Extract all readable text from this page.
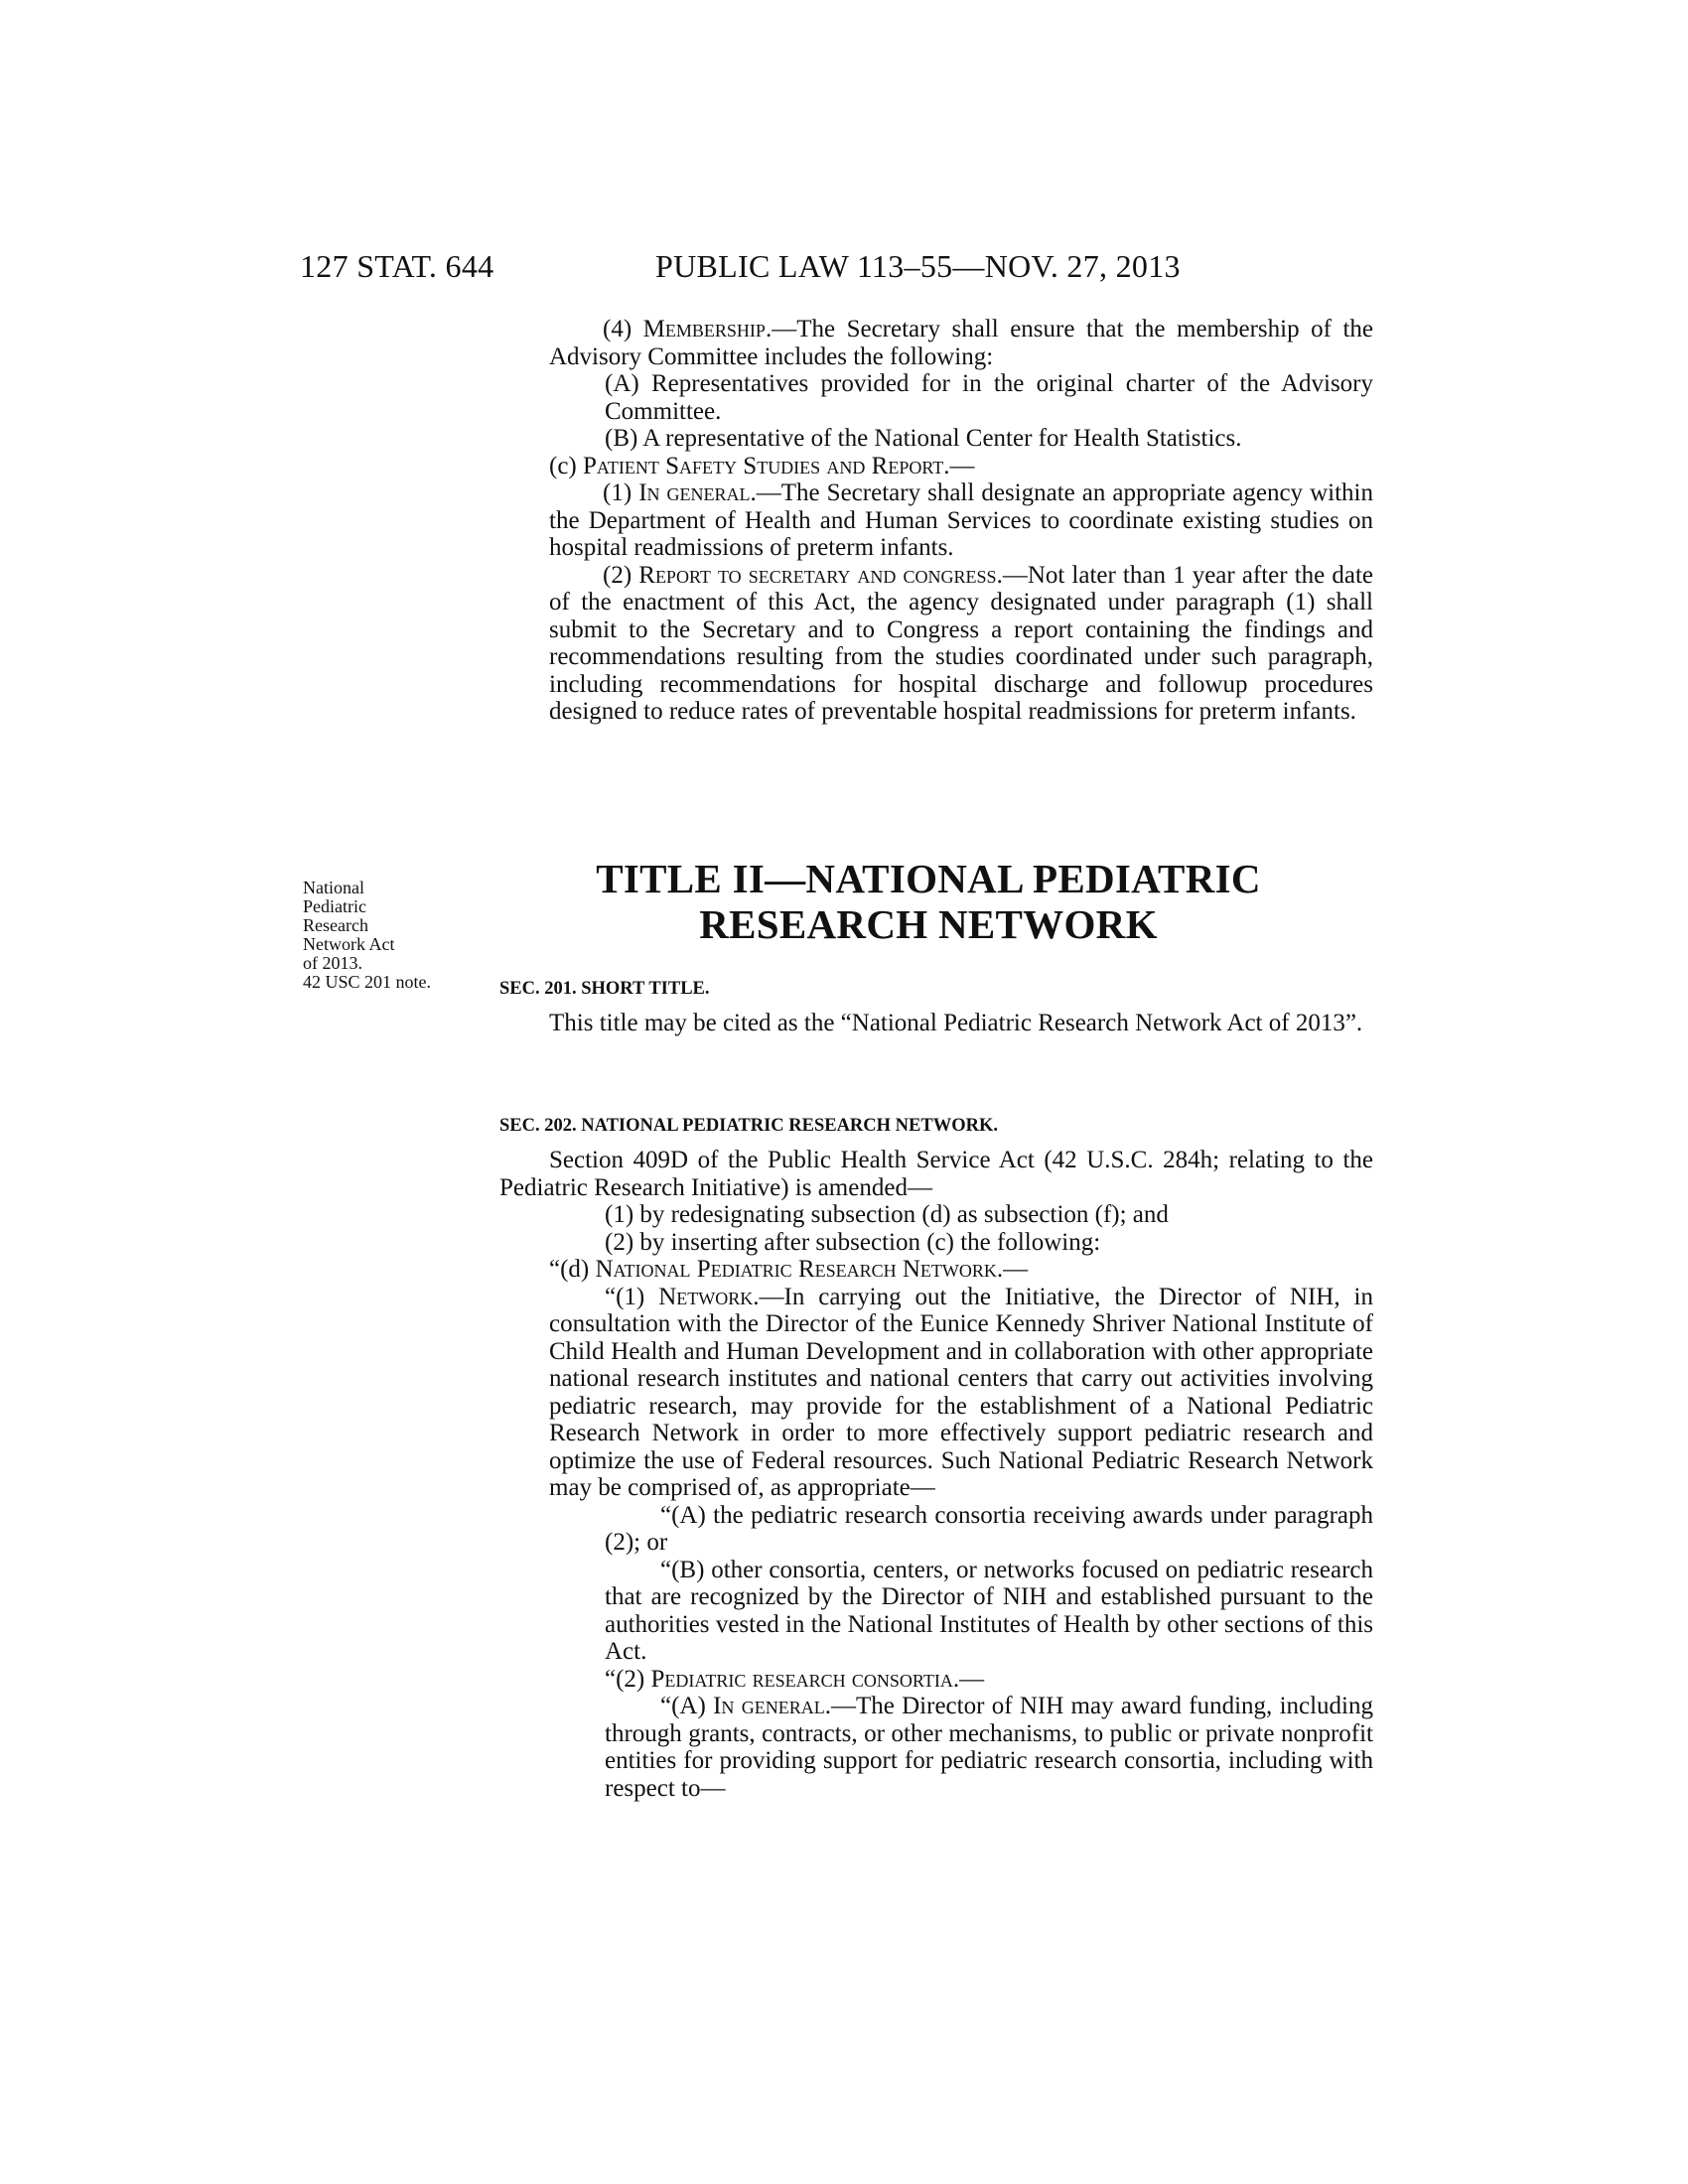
127 STAT. 644	PUBLIC LAW 113–55—NOV. 27, 2013

(4) Membership.—The Secretary shall ensure that the membership of the Advisory Committee includes the following:

(A) Representatives provided for in the original charter of the Advisory Committee.

(B) A representative of the National Center for Health Statistics.

(c) Patient Safety Studies and Report.—

(1) In general.—The Secretary shall designate an appropriate agency within the Department of Health and Human Services to coordinate existing studies on hospital readmissions of preterm infants.

(2) Report to secretary and congress.—Not later than 1 year after the date of the enactment of this Act, the agency designated under paragraph (1) shall submit to the Secretary and to Congress a report containing the findings and recommendations resulting from the studies coordinated under such paragraph, including recommendations for hospital discharge and followup procedures designed to reduce rates of preventable hospital readmissions for preterm infants.

National

Pediatric

Research

Network Act

of 2013.

42 USC 201 note.

TITLE II—NATIONAL PEDIATRIC

RESEARCH NETWORK

SEC. 201. SHORT TITLE.

This title may be cited as the “National Pediatric Research Network Act of 2013”.

SEC. 202. NATIONAL PEDIATRIC RESEARCH NETWORK.

Section 409D of the Public Health Service Act (42 U.S.C. 284h; relating to the Pediatric Research Initiative) is amended—

(1) by redesignating subsection (d) as subsection (f); and

(2) by inserting after subsection (c) the following:

“(d) National Pediatric Research Network.—

“(1) Network.—In carrying out the Initiative, the Director of NIH, in consultation with the Director of the Eunice Kennedy Shriver National Institute of Child Health and Human Development and in collaboration with other appropriate national research institutes and national centers that carry out activities involving pediatric research, may provide for the establishment of a National Pediatric Research Network in order to more effectively support pediatric research and optimize the use of Federal resources. Such National Pediatric Research Network may be comprised of, as appropriate—

“(A) the pediatric research consortia receiving awards under paragraph (2); or

“(B) other consortia, centers, or networks focused on pediatric research that are recognized by the Director of NIH and established pursuant to the authorities vested in the National Institutes of Health by other sections of this Act.

“(2) Pediatric research consortia.—

“(A) In general.—The Director of NIH may award funding, including through grants, contracts, or other mechanisms, to public or private nonprofit entities for providing support for pediatric research consortia, including with respect to—
